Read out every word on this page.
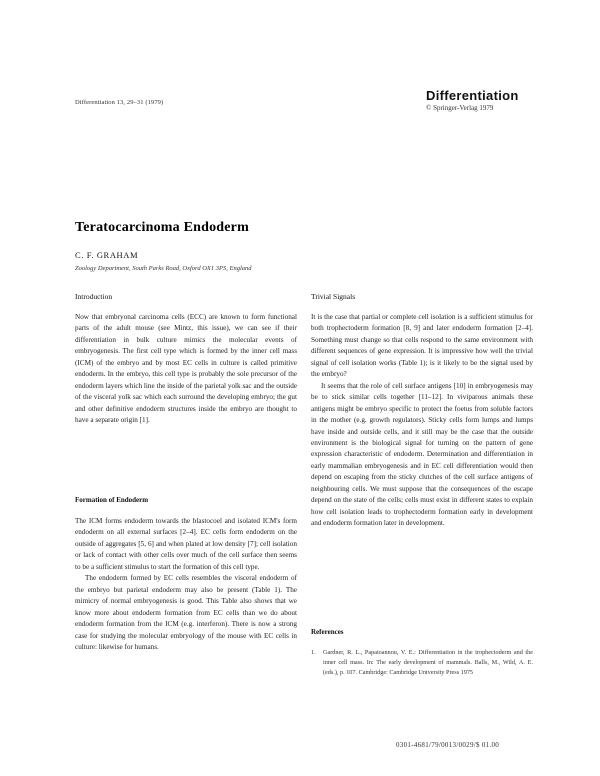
Differentiation 13, 29–31 (1979)	Differentiation
© Springer-Verlag 1979
Teratocarcinoma Endoderm
C. F. GRAHAM
Zoology Department, South Parks Road, Oxford OX1 3PS, England
Introduction

Now that embryonal carcinoma cells (ECC) are known to form functional parts of the adult mouse (see Mintz, this issue), we can see if their differentiation in bulk culture mimics the molecular events of embryogenesis. The first cell type which is formed by the inner cell mass (ICM) of the embryo and by most EC cells in culture is called primitive endoderm. In the embryo, this cell type is probably the sole precursor of the endoderm layers which line the inside of the parietal yolk sac and the outside of the visceral yolk sac which each surround the developing embryo; the gut and other definitive endoderm structures inside the embryo are thought to have a separate origin [1].

Formation of Endoderm

The ICM forms endoderm towards the blastocoel and isolated ICM's form endoderm on all external surfaces [2–4]. EC cells form endoderm on the outside of aggregates [5, 6] and when plated at low density [7]; cell isolation or lack of contact with other cells over much of the cell surface then seems to be a sufficient stimulus to start the formation of this cell type.

The endoderm formed by EC cells resembles the visceral endoderm of the embryo but parietal endoderm may also be present (Table 1). The mimicry of normal embryogenesis is good. This Table also shows that we know more about endoderm formation from EC cells than we do about endoderm formation from the ICM (e.g. interferon). There is now a strong case for studying the molecular embryology of the mouse with EC cells in culture: likewise for humans.

Trivial Signals

It is the case that partial or complete cell isolation is a sufficient stimulus for both trophectoderm formation [8, 9] and later endoderm formation [2–4]. Something must change so that cells respond to the same environment with different sequences of gene expression. It is impressive how well the trivial signal of cell isolation works (Table 1); is it likely to be the signal used by the embryo?

It seems that the role of cell surface antigens [10] in embryogenesis may be to stick similar cells together [11–12]. In viviparous animals these antigens might be embryo specific to protect the foetus from soluble factors in the mother (e.g. growth regulators). Sticky cells form lumps and lumps have inside and outside cells, and it still may be the case that the outside environment is the biological signal for turning on the pattern of gene expression characteristic of endoderm. Determination and differentiation in early mammalian embryogenesis and in EC cell differentiation would then depend on escaping from the sticky clutches of the cell surface antigens of neighbouring cells. We must suppose that the consequences of the escape depend on the state of the cells; cells must exist in different states to explain how cell isolation leads to trophectoderm formation early in development and endoderm formation later in development.

References
1. Gardner, R. L., Papaioannou, V. E.: Differentiation in the trophectoderm and the inner cell mass. In: The early development of mammals. Balls, M., Wild, A. E. (eds.), p. 107. Cambridge: Cambridge University Press 1975
0301-4681/79/0013/0029/$ 01.00
